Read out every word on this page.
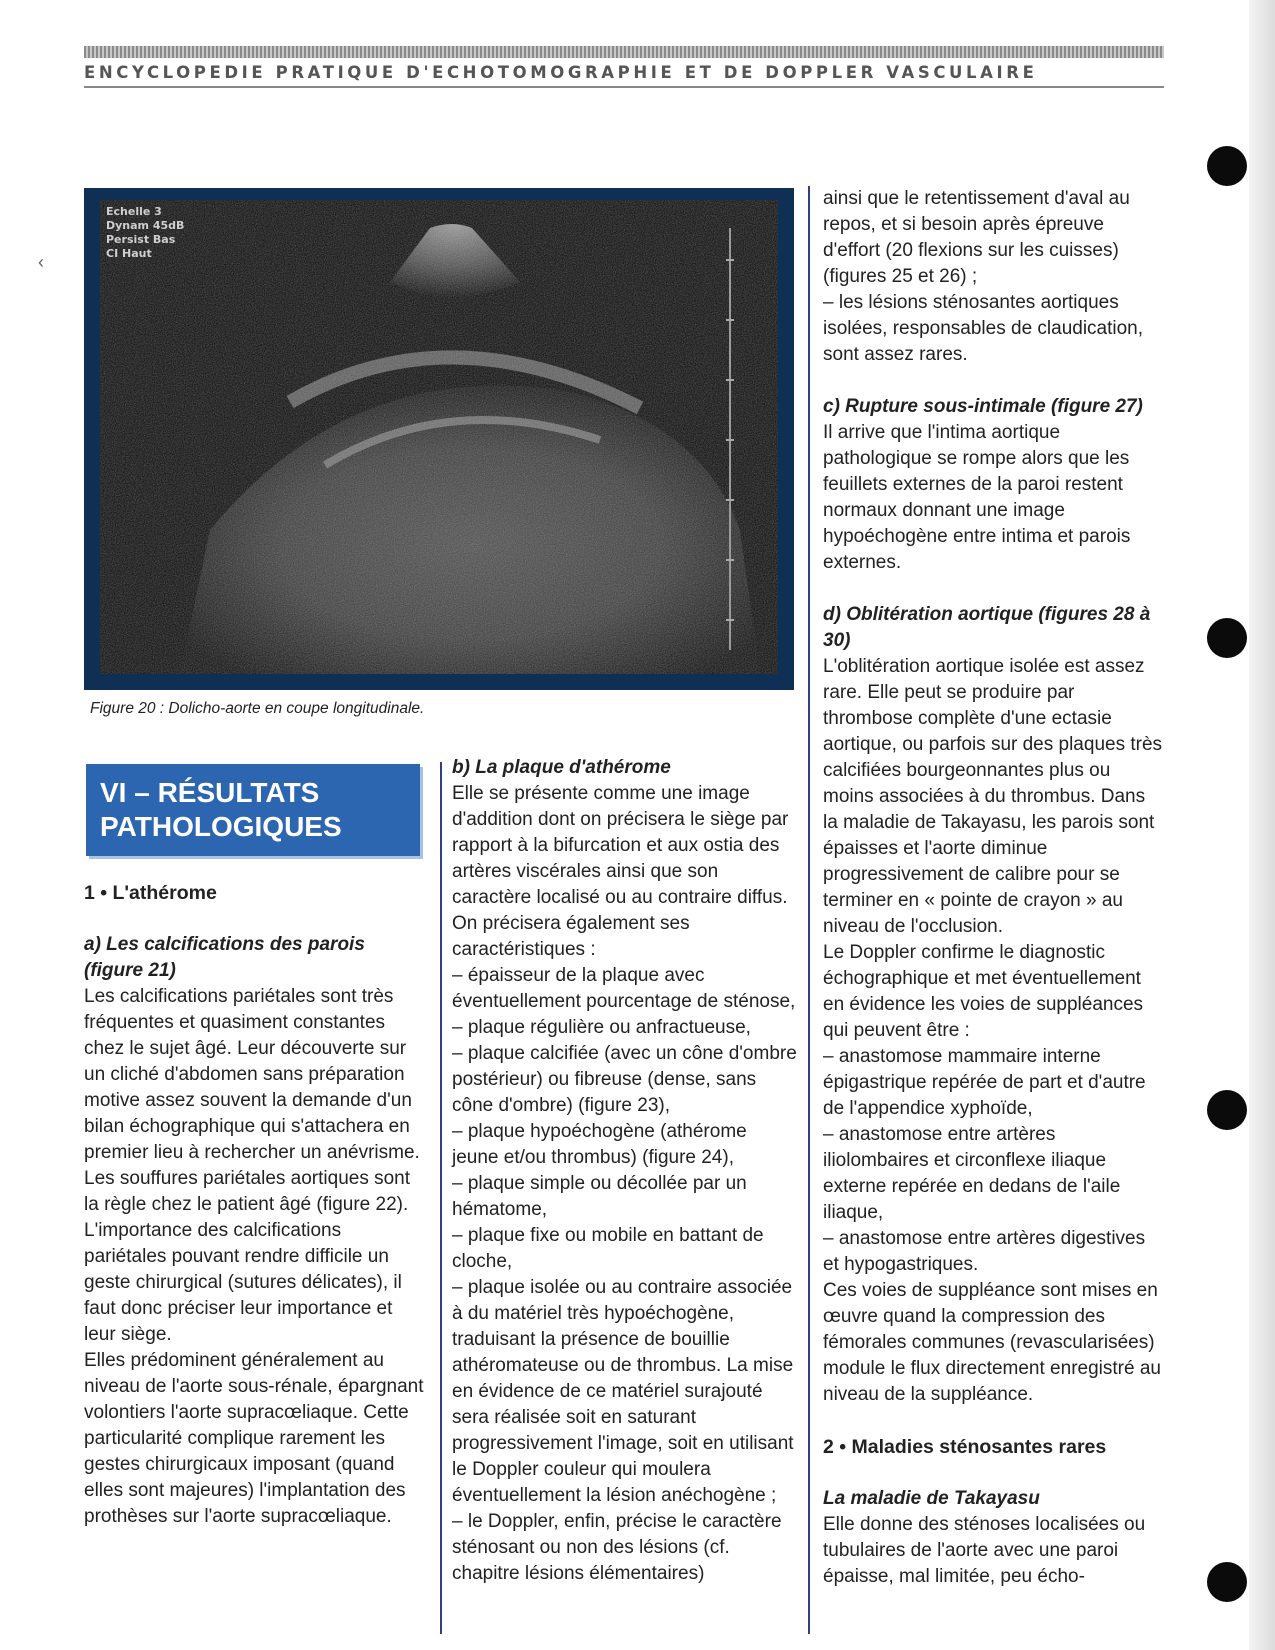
ENCYCLOPEDIE PRATIQUE D'ECHOTOMOGRAPHIE ET DE DOPPLER VASCULAIRE
‹
Echelle 3
Dynam 45dB
Persist Bas
CI Haut
Figure 20 : Dolicho-aorte en coupe longitudinale.
VI – RÉSULTATS
PATHOLOGIQUES

1 • L'athérome

a) Les calcifications des parois (figure 21)

Les calcifications pariétales sont très fréquentes et quasiment constantes chez le sujet âgé. Leur découverte sur un cliché d'abdomen sans préparation motive assez souvent la demande d'un bilan échographique qui s'attachera en premier lieu à rechercher un anévrisme. Les souffures pariétales aortiques sont la règle chez le patient âgé (figure 22).

L'importance des calcifications pariétales pouvant rendre difficile un geste chirurgical (sutures délicates), il faut donc préciser leur importance et leur siège.

Elles prédominent généralement au niveau de l'aorte sous-rénale, épargnant volontiers l'aorte supracœliaque. Cette particularité complique rarement les gestes chirurgicaux imposant (quand elles sont majeures) l'implantation des prothèses sur l'aorte supracœliaque.

b) La plaque d'athérome

Elle se présente comme une image d'addition dont on précisera le siège par rapport à la bifurcation et aux ostia des artères viscérales ainsi que son caractère localisé ou au contraire diffus.

On précisera également ses caractéristiques :

– épaisseur de la plaque avec éventuellement pourcentage de sténose,

– plaque régulière ou anfractueuse,

– plaque calcifiée (avec un cône d'ombre postérieur) ou fibreuse (dense, sans cône d'ombre) (figure 23),

– plaque hypoéchogène (athérome jeune et/ou thrombus) (figure 24),

– plaque simple ou décollée par un hématome,

– plaque fixe ou mobile en battant de cloche,

– plaque isolée ou au contraire associée à du matériel très hypoéchogène, traduisant la présence de bouillie athéromateuse ou de thrombus. La mise en évidence de ce matériel surajouté sera réalisée soit en saturant progressivement l'image, soit en utilisant le Doppler couleur qui moulera éventuellement la lésion anéchogène ;

– le Doppler, enfin, précise le caractère sténosant ou non des lésions (cf. chapitre lésions élémentaires)

ainsi que le retentissement d'aval au repos, et si besoin après épreuve d'effort (20 flexions sur les cuisses) (figures 25 et 26) ;

– les lésions sténosantes aortiques isolées, responsables de claudication, sont assez rares.

c) Rupture sous-intimale (figure 27)

Il arrive que l'intima aortique pathologique se rompe alors que les feuillets externes de la paroi restent normaux donnant une image hypoéchogène entre intima et parois externes.

d) Oblitération aortique (figures 28 à 30)

L'oblitération aortique isolée est assez rare. Elle peut se produire par thrombose complète d'une ectasie aortique, ou parfois sur des plaques très calcifiées bourgeonnantes plus ou moins associées à du thrombus. Dans la maladie de Takayasu, les parois sont épaisses et l'aorte diminue progressivement de calibre pour se terminer en « pointe de crayon » au niveau de l'occlusion.

Le Doppler confirme le diagnostic échographique et met éventuellement en évidence les voies de suppléances qui peuvent être :

– anastomose mammaire interne épigastrique repérée de part et d'autre de l'appendice xyphoïde,

– anastomose entre artères iliolombaires et circonflexe iliaque externe repérée en dedans de l'aile iliaque,

– anastomose entre artères digestives et hypogastriques.

Ces voies de suppléance sont mises en œuvre quand la compression des fémorales communes (revascularisées) module le flux directement enregistré au niveau de la suppléance.

2 • Maladies sténosantes rares

La maladie de Takayasu

Elle donne des sténoses localisées ou tubulaires de l'aorte avec une paroi épaisse, mal limitée, peu écho-
